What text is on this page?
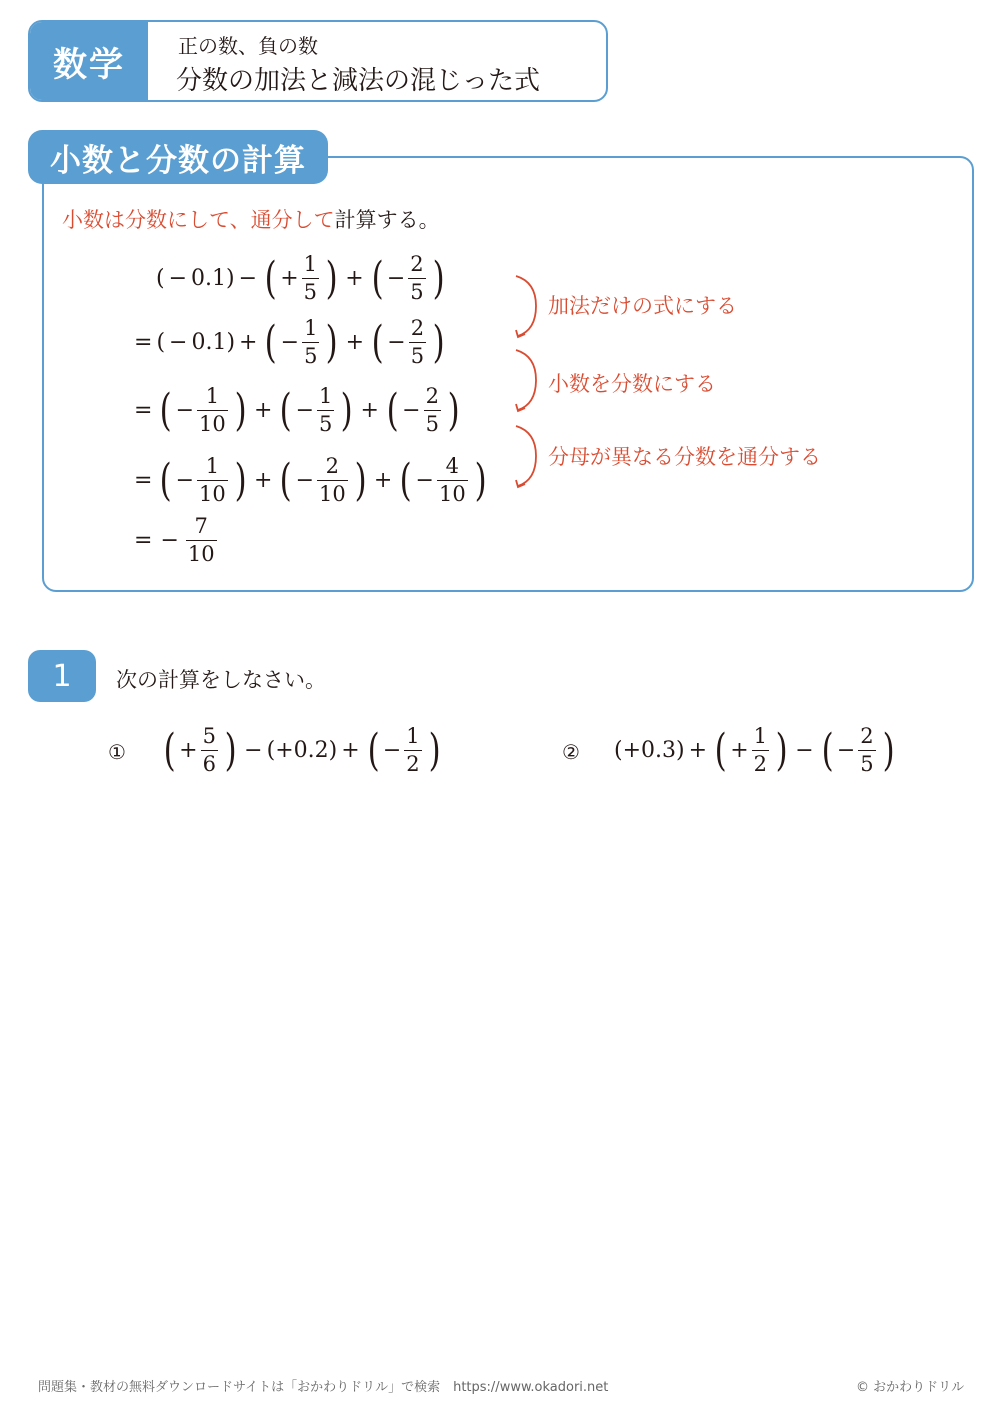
数学	正の数、負の数
分数の加法と減法の混じった式
小数と分数の計算
小数は分数にして、通分して計算する。
( − 0.1) − ( + $\frac{1}{5}$ ) + ( − $\frac{2}{5}$ )
= ( − 0.1) + ( − $\frac{1}{5}$ ) + ( − $\frac{2}{5}$ )
= ( − $\frac{1}{10}$ ) + ( − $\frac{1}{5}$ ) + ( − $\frac{2}{5}$ )
= ( − $\frac{1}{10}$ ) + ( − $\frac{2}{10}$ ) + ( − $\frac{4}{10}$ )
= − $\frac{7}{10}$
加法だけの式にする
小数を分数にする
分母が異なる分数を通分する
1	次の計算をしなさい。
① ( + $\frac{5}{6}$ ) − ( + 0.2) + ( − $\frac{1}{2}$ )	② ( + 0.3) + ( + $\frac{1}{2}$ ) − ( − $\frac{2}{5}$ )
問題集・教材の無料ダウンロードサイトは「おかわりドリル」で検索　https://www.okadori.net	© おかわりドリル
